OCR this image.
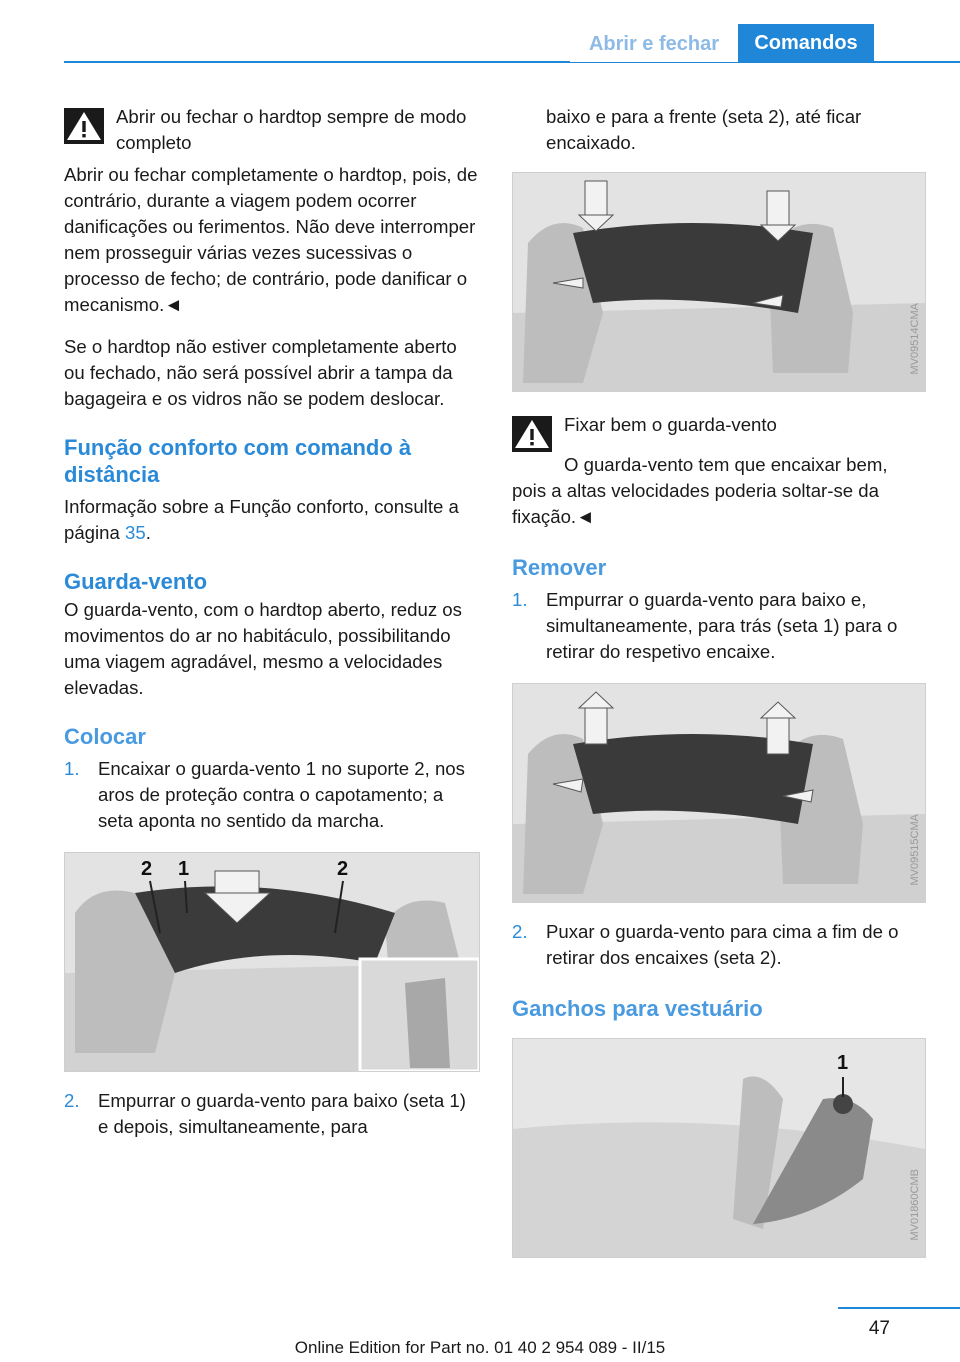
Abrir e fechar	Comandos

Abrir ou fechar o hardtop sempre de modo completo

Abrir ou fechar completamente o hardtop, pois, de contrário, durante a viagem podem ocorrer danificações ou ferimentos. Não deve interromper nem prosseguir várias vezes sucessivas o processo de fecho; de contrário, pode danificar o mecanismo.◄

Se o hardtop não estiver completamente aberto ou fechado, não será possível abrir a tampa da bagageira e os vidros não se podem deslocar.

Função conforto com comando à distância

Informação sobre a Função conforto, consulte a página 35.

Guarda-vento

O guarda-vento, com o hardtop aberto, reduz os movimentos do ar no habitáculo, possibilitando uma viagem agradável, mesmo a velocidades elevadas.

Colocar
1. Encaixar o guarda-vento 1 no suporte 2, nos aros de proteção contra o capotamento; a seta aponta no sentido da marcha.
2 1	2
2. Empurrar o guarda-vento para baixo (seta 1) e depois, simultaneamente, para

baixo e para a frente (seta 2), até ficar encaixado.

MV09514CMA

Fixar bem o guarda-vento

O guarda-vento tem que encaixar bem, pois a altas velocidades poderia soltar-se da fixação.◄

Remover
1. Empurrar o guarda-vento para baixo e, simultaneamente, para trás (seta 1) para o retirar do respetivo encaixe.
MV09515CMA
2. Puxar o guarda-vento para cima a fim de o retirar dos encaixes (seta 2).
Ganchos para vestuário
1
MV01860CMB
47
Online Edition for Part no. 01 40 2 954 089 - II/15
